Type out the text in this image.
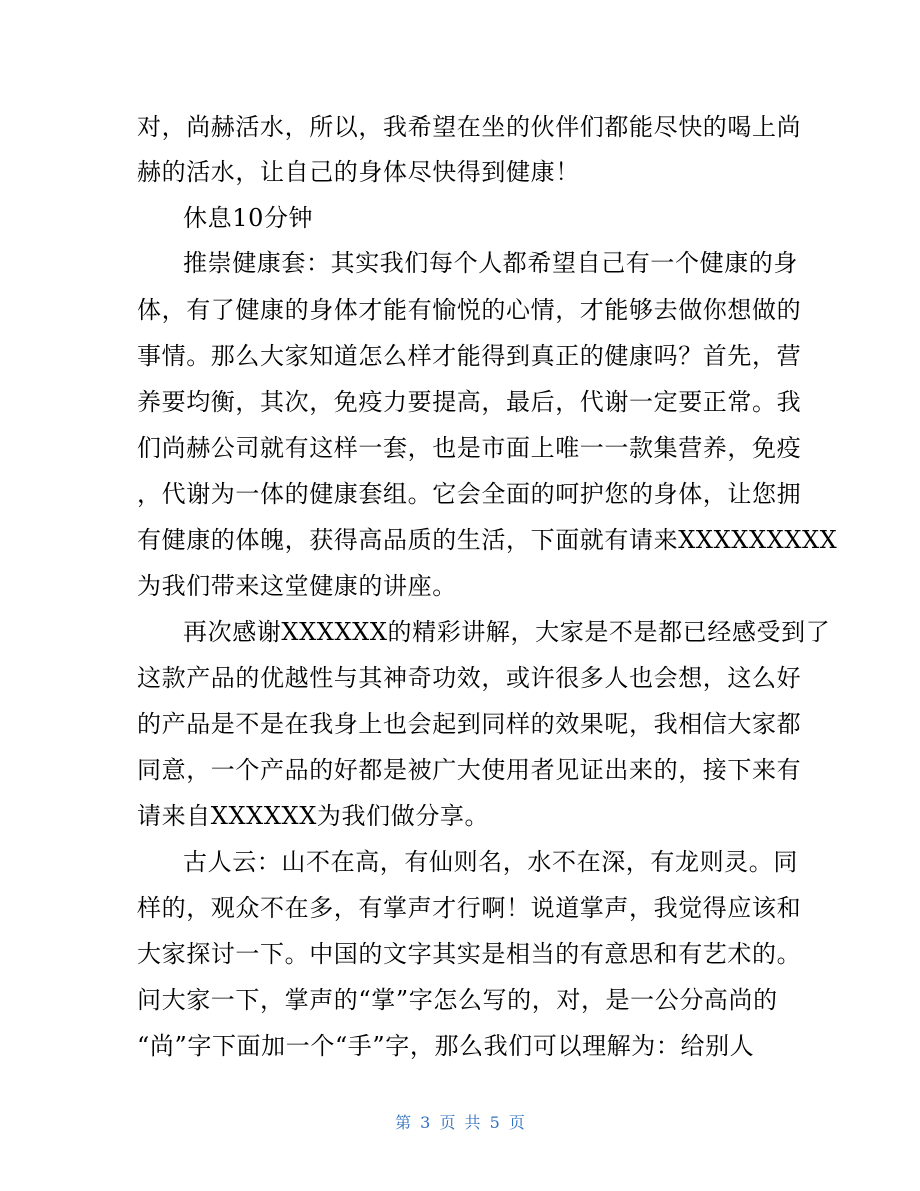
对，尚赫活水，所以，我希望在坐的伙伴们都能尽快的喝上尚
赫的活水，让自己的身体尽快得到健康！
休息10分钟
推崇健康套：其实我们每个人都希望自己有一个健康的身
体，有了健康的身体才能有愉悦的心情，才能够去做你想做的
事情。那么大家知道怎么样才能得到真正的健康吗？首先，营
养要均衡，其次，免疫力要提高，最后，代谢一定要正常。我
们尚赫公司就有这样一套，也是市面上唯一一款集营养，免疫
，代谢为一体的健康套组。它会全面的呵护您的身体，让您拥
有健康的体魄，获得高品质的生活，下面就有请来XXXXXXXXX
为我们带来这堂健康的讲座。
再次感谢XXXXXX的精彩讲解，大家是不是都已经感受到了
这款产品的优越性与其神奇功效，或许很多人也会想，这么好
的产品是不是在我身上也会起到同样的效果呢，我相信大家都
同意，一个产品的好都是被广大使用者见证出来的，接下来有
请来自XXXXXX为我们做分享。
古人云：山不在高，有仙则名，水不在深，有龙则灵。同
样的，观众不在多，有掌声才行啊！说道掌声，我觉得应该和
大家探讨一下。中国的文字其实是相当的有意思和有艺术的。
问大家一下，掌声的“掌”字怎么写的，对，是一公分高尚的
“尚”字下面加一个“手”字，那么我们可以理解为：给别人
第 3 页 共 5 页
